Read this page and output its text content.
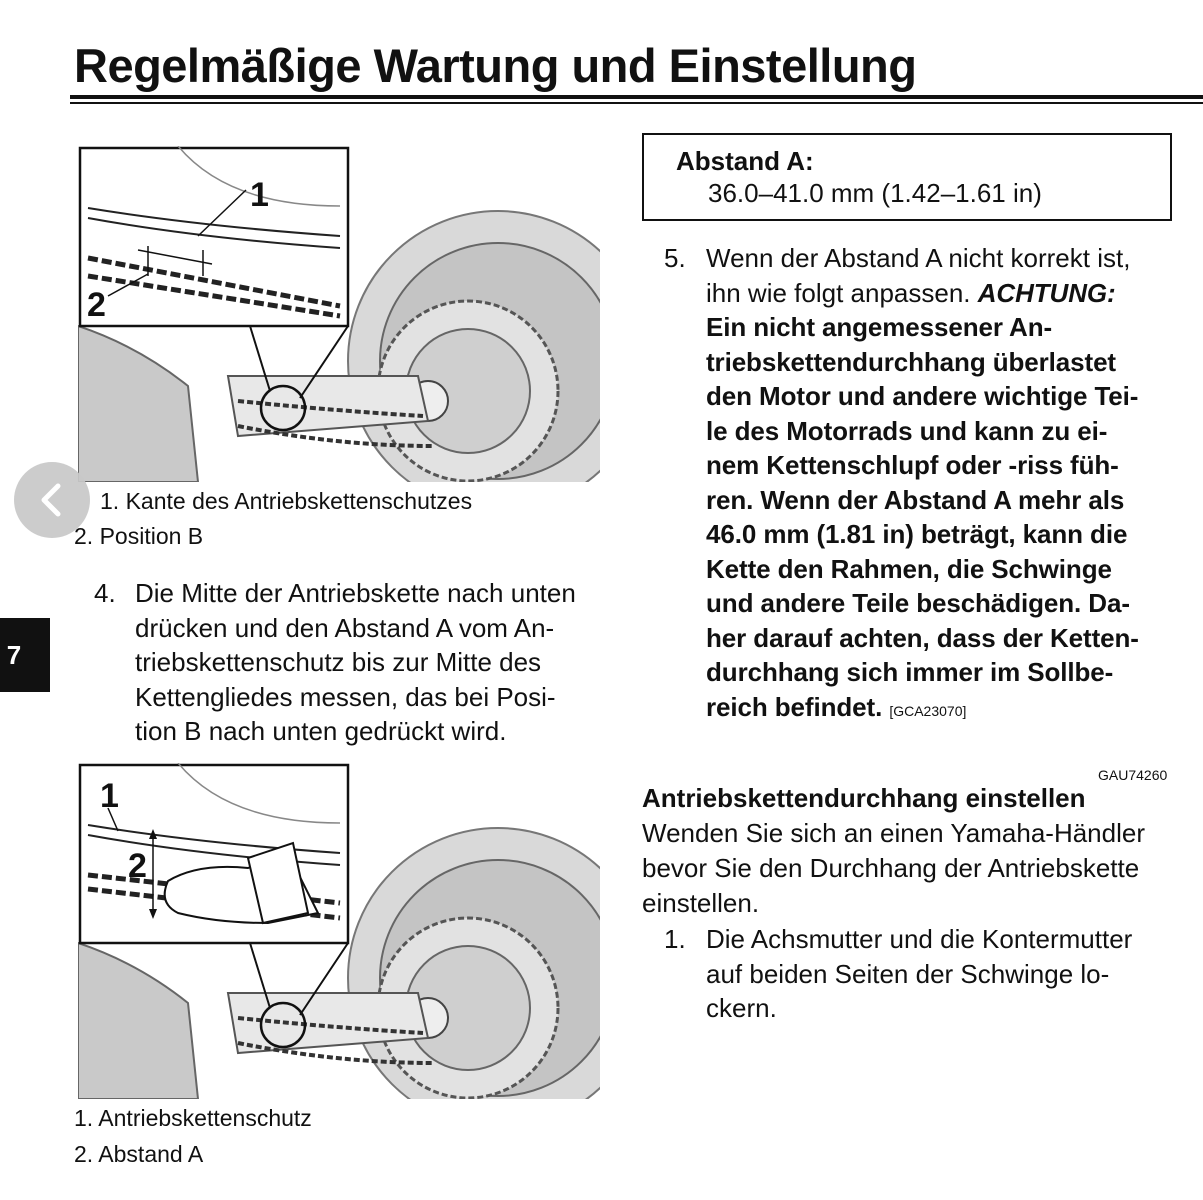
Regelmäßige Wartung und Einstellung
7
1
2
1. Kante des Antriebskettenschutzes
2. Position B
4. Die Mitte der Antriebskette nach unten
drücken und den Abstand A vom An-
triebskettenschutz bis zur Mitte des
Kettengliedes messen, das bei Posi-
tion B nach unten gedrückt wird.
1
2
1. Antriebskettenschutz
2. Abstand A
Abstand A:
36.0–41.0 mm (1.42–1.61 in)
5. Wenn der Abstand A nicht korrekt ist,
ihn wie folgt anpassen. ACHTUNG:
Ein nicht angemessener An-
triebskettendurchhang überlastet
den Motor und andere wichtige Tei-
le des Motorrads und kann zu ei-
nem Kettenschlupf oder -riss füh-
ren. Wenn der Abstand A mehr als
46.0 mm (1.81 in) beträgt, kann die
Kette den Rahmen, die Schwinge
und andere Teile beschädigen. Da-
her darauf achten, dass der Ketten-
durchhang sich immer im Sollbe-
reich befindet. [GCA23070]
GAU74260
Antriebskettendurchhang einstellen
Wenden Sie sich an einen Yamaha-Händler
bevor Sie den Durchhang der Antriebskette
einstellen.
1. Die Achsmutter und die Kontermutter
auf beiden Seiten der Schwinge lo-
ckern.
